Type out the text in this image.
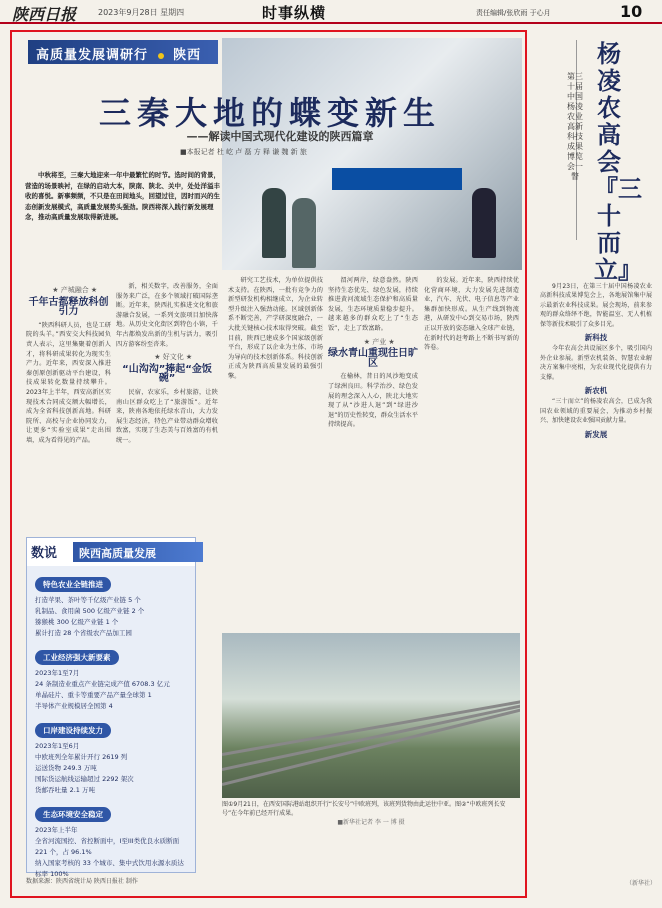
陕西日报	2023年9月28日 星期四	时事纵横	责任编辑/张欣雨 于心月	10
高质量发展调研行 陕西
三秦大地的蝶变新生
——解读中国式现代化建设的陕西篇章
■本报记者 杜 屹 卢 磊 方 释 谦 魏 新 旅
中秋将至，三秦大地迎来一年中最繁忙的时节。选时间的背景，营造的场景映衬，在绿的启动大本，陕南、陕北、关中，处处洋溢丰收的喜悦。新事频频，不只是在田间地头，回望过往，因时而兴的生态创新发展模式，高质量发展势头强劲。陕西将深入践行新发展理念，推动高质量发展取得新进展。
★ 产城融合 ★
千年古都释放科创引力

“陕西科研人员，也是工研院的头羊。”西安交大科技园负责人表示，这里集聚着创新人才，将科研成果转化为现实生产力。近年来，西安深入推进秦创原创新驱动平台建设，科技成果转化数量持续攀升。2023年上半年，西安高新区实现技术合同成交额大幅增长，成为全省科技创新高地。科研院所、高校与企业协同发力，让更多“实验室成果”走出围墙，成为看得见的产品。

新，相关数字，改善服务，全面服务来广泛，在多个领域打破国际垄断。近年来，陕西扎实推进文化和旅游融合发展，一系列文旅项目加快落地。从历史文化街区到特色小镇，千年古都焕发出新的生机与活力，吸引四方游客纷至沓来。

★ 好文化 ★
“山沟沟”捧起“金饭碗”

民宿，农家乐，乡村旅游，让陕南山区群众吃上了“旅游饭”。近年来，陕南各地依托绿水青山，大力发展生态经济，特色产业带动群众增收致富，实现了生态美与百姓富的有机统一。

研究工艺技术，为单位提供技术支持。在陕西，一批有竞争力的新型研发机构相继成立，为企业转型升级注入强劲动能。区域创新体系不断完善，产学研深度融合，一大批关键核心技术取得突破。截至目前，陕西已建成多个国家级创新平台，形成了以企业为主体、市场为导向的技术创新体系。科技创新正成为陕西高质量发展的最强引擎。

渭河两岸，绿意盎然。陕西坚持生态优先、绿色发展，持续推进黄河流域生态保护和高质量发展，生态环境质量稳步提升。越来越多的群众吃上了“生态饭”，走上了致富路。

★ 产业 ★
绿水青山重现往日旷区

在榆林，昔日的风沙地变成了绿洲良田。科学治沙、绿色发展的理念深入人心，陕北大地实现了从“沙进人退”到“绿进沙退”的历史性转变，群众生活水平持续提高。

的发展。近年来，陕西持续优化营商环境，大力发展先进制造业，汽车、光伏、电子信息等产业集群加快形成。从生产线到物流港，从研发中心到交易市场，陕西正以开放的姿态融入全球产业链，在新时代的赶考路上不断书写新的答卷。

数说	陕西高质量发展
特色农业全链推进
打造苹果、茶叶等千亿级产业链 5 个
乳制品、食用菌 500 亿级产业链 2 个
猕猴桃 300 亿级产业链 1 个
累计打造 28 个省级农产品加工园
工业经济强大新要素
2023年1至7月
24 条制造业重点产业链完成产值 6708.3 亿元
单晶硅片、重卡等重要产品产量全球第 1
半导体产业规模居全国第 4
口岸建设持续发力
2023年1至6月
中欧班列全年累计开行 2619 列
运送货物 249.3 万吨
国际货运航线运输超过 2292 架次
货邮吞吐量 2.1 万吨
生态环境安全稳定
2023年上半年
全省河流国控、省控断面中，I至III类优良水质断面 221 个，占 96.1%
纳入国家考核的 33 个城市、集中式饮用水源水质达标率 100%
图①9月21日，在西安国际港站组织开行“长安号”中欧班列，该班列货物由此运往中亚。图②“中欧班列长安号”在今年前已经开行成果。
■新华社记者 李 一 博 摄
数据来源：陕西省统计局 陕西日报社 制作
第三十届中国杨凌农业高新科技成果博览会一瞥
杨凌农高会『三十而立』

9月23日，在第三十届中国杨凌农业高新科技成果博览会上，各地展馆集中展示最新农业科技成果。展会现场，前来参观的群众络绎不绝，智能温室、无人机植保等新技术吸引了众多目光。

新科技

今年农高会共设展区多个，吸引国内外企业参展。新型农机装备、智慧农业解决方案集中亮相，为农业现代化提供有力支撑。

新农机

“三十而立”的杨凌农高会，已成为我国农业领域的重要展会，为推动乡村振兴、加快建设农业强国贡献力量。

新发展
（新华社）
